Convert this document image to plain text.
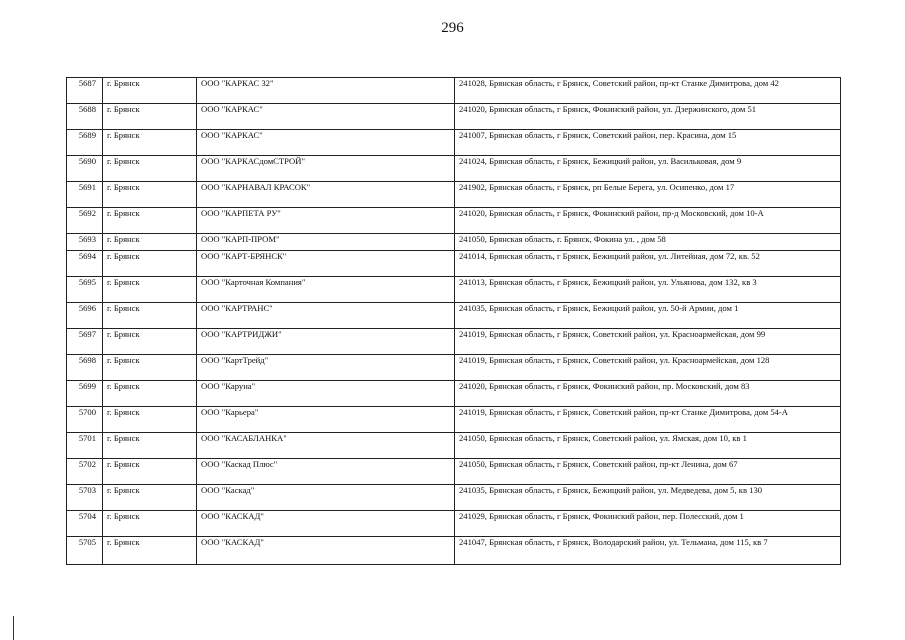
296
5687	г. Брянск	ООО "КАРКАС 32"	241028, Брянская область, г Брянск, Советский район, пр-кт Станке Димитрова, дом 42
5688	г. Брянск	ООО "КАРКАС"	241020, Брянская область, г Брянск, Фокинский район, ул. Дзержинского, дом 51
5689	г. Брянск	ООО "КАРКАС"	241007, Брянская область, г Брянск, Советский район, пер. Красина, дом 15
5690	г. Брянск	ООО "КАРКАСдомСТРОЙ"	241024, Брянская область, г Брянск, Бежицкий район, ул. Васильковая, дом 9
5691	г. Брянск	ООО "КАРНАВАЛ КРАСОК"	241902, Брянская область, г Брянск, рп Белые Берега, ул. Осипенко, дом 17
5692	г. Брянск	ООО "КАРПЕТА РУ"	241020, Брянская область, г Брянск, Фокинский район, пр-д Московский, дом 10-А
5693	г. Брянск	ООО "КАРП-ПРОМ"	241050, Брянская область, г. Брянск, Фокина ул. , дом 58
5694	г. Брянск	ООО "КАРТ-БРЯНСК"	241014, Брянская область, г Брянск, Бежицкий район, ул. Литейная, дом 72, кв. 52
5695	г. Брянск	ООО "Карточная Компания"	241013, Брянская область, г Брянск, Бежицкий район, ул. Ульянова, дом 132, кв 3
5696	г. Брянск	ООО "КАРТРАНС"	241035, Брянская область, г Брянск, Бежицкий район, ул. 50-й Армии, дом 1
5697	г. Брянск	ООО "КАРТРИДЖИ"	241019, Брянская область, г Брянск, Советский район, ул. Красноармейская, дом 99
5698	г. Брянск	ООО "КартТрейд"	241019, Брянская область, г Брянск, Советский район, ул. Красноармейская, дом 128
5699	г. Брянск	ООО "Каруна"	241020, Брянская область, г Брянск, Фокинский район, пр. Московский, дом 83
5700	г. Брянск	ООО "Карьера"	241019, Брянская область, г Брянск, Советский район, пр-кт Станке Димитрова, дом 54-А
5701	г. Брянск	ООО "КАСАБЛАНКА"	241050, Брянская область, г Брянск, Советский район, ул. Ямская, дом 10, кв 1
5702	г. Брянск	ООО "Каскад Плюс"	241050, Брянская область, г Брянск, Советский район, пр-кт Ленина, дом 67
5703	г. Брянск	ООО "Каскад"	241035, Брянская область, г Брянск, Бежицкий район, ул. Медведева, дом 5, кв 130
5704	г. Брянск	ООО "КАСКАД"	241029, Брянская область, г Брянск, Фокинский район, пер. Полесский, дом 1
5705	г. Брянск	ООО "КАСКАД"	241047, Брянская область, г Брянск, Володарский район, ул. Тельмана, дом 115, кв 7
